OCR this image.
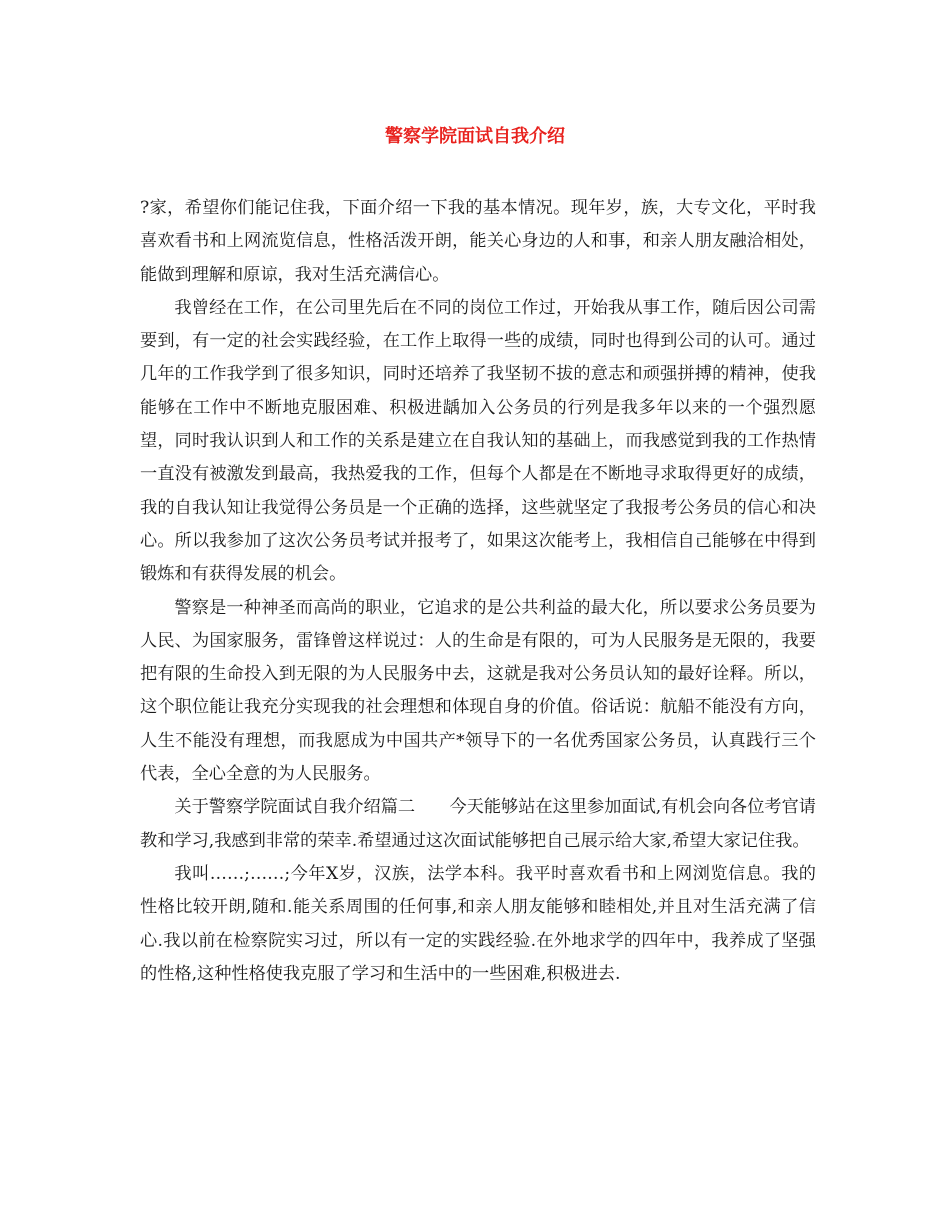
警察学院面试自我介绍

?家，希望你们能记住我，下面介绍一下我的基本情况。现年岁，族，大专文化，平时我喜欢看书和上网流览信息，性格活泼开朗，能关心身边的人和事，和亲人朋友融洽相处，能做到理解和原谅，我对生活充满信心。

我曾经在工作，在公司里先后在不同的岗位工作过，开始我从事工作，随后因公司需要到，有一定的社会实践经验，在工作上取得一些的成绩，同时也得到公司的认可。通过几年的工作我学到了很多知识，同时还培养了我坚韧不拔的意志和顽强拼搏的精神，使我能够在工作中不断地克服困难、积极进龋加入公务员的行列是我多年以来的一个强烈愿望，同时我认识到人和工作的关系是建立在自我认知的基础上，而我感觉到我的工作热情一直没有被激发到最高，我热爱我的工作，但每个人都是在不断地寻求取得更好的成绩，我的自我认知让我觉得公务员是一个正确的选择，这些就坚定了我报考公务员的信心和决心。所以我参加了这次公务员考试并报考了，如果这次能考上，我相信自己能够在中得到锻炼和有获得发展的机会。

警察是一种神圣而高尚的职业，它追求的是公共利益的最大化，所以要求公务员要为人民、为国家服务，雷锋曾这样说过：人的生命是有限的，可为人民服务是无限的，我要把有限的生命投入到无限的为人民服务中去，这就是我对公务员认知的最好诠释。所以，这个职位能让我充分实现我的社会理想和体现自身的价值。俗话说：航船不能没有方向，人生不能没有理想，而我愿成为中国共产*领导下的一名优秀国家公务员，认真践行三个代表，全心全意的为人民服务。

关于警察学院面试自我介绍篇二　　今天能够站在这里参加面试,有机会向各位考官请教和学习,我感到非常的荣幸.希望通过这次面试能够把自己展示给大家,希望大家记住我。

我叫……;……;今年X岁，汉族，法学本科。我平时喜欢看书和上网浏览信息。我的性格比较开朗,随和.能关系周围的任何事,和亲人朋友能够和睦相处,并且对生活充满了信心.我以前在检察院实习过，所以有一定的实践经验.在外地求学的四年中，我养成了坚强的性格,这种性格使我克服了学习和生活中的一些困难,积极进去.
